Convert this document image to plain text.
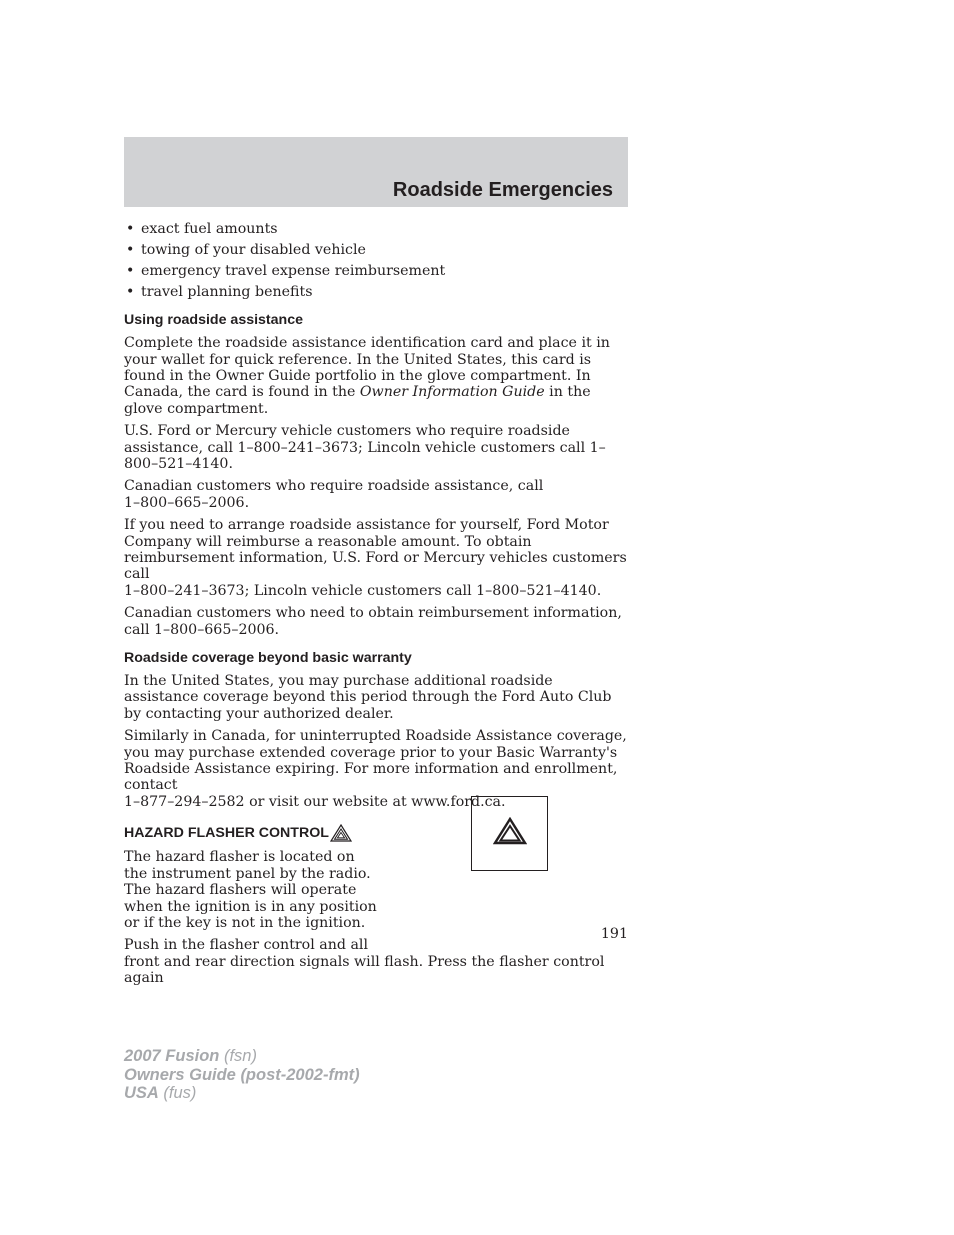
Roadside Emergencies
• exact fuel amounts
• towing of your disabled vehicle
• emergency travel expense reimbursement
• travel planning benefits
Using roadside assistance

Complete the roadside assistance identification card and place it in your wallet for quick reference. In the United States, this card is found in the Owner Guide portfolio in the glove compartment. In Canada, the card is found in the Owner Information Guide in the glove compartment.

U.S. Ford or Mercury vehicle customers who require roadside assistance, call 1–800–241–3673; Lincoln vehicle customers call 1–800–521–4140.

Canadian customers who require roadside assistance, call
1–800–665–2006.

If you need to arrange roadside assistance for yourself, Ford Motor Company will reimburse a reasonable amount. To obtain reimbursement information, U.S. Ford or Mercury vehicles customers call
1–800–241–3673; Lincoln vehicle customers call 1–800–521–4140.

Canadian customers who need to obtain reimbursement information, call 1–800–665–2006.

Roadside coverage beyond basic warranty

In the United States, you may purchase additional roadside assistance coverage beyond this period through the Ford Auto Club by contacting your authorized dealer.

Similarly in Canada, for uninterrupted Roadside Assistance coverage, you may purchase extended coverage prior to your Basic Warranty's Roadside Assistance expiring. For more information and enrollment, contact
1–877–294–2582 or visit our website at www.ford.ca.

HAZARD FLASHER CONTROL

The hazard flasher is located on the instrument panel by the radio. The hazard flashers will operate when the ignition is in any position or if the key is not in the ignition.

Push in the flasher control and all
front and rear direction signals will flash. Press the flasher control again

191
2007 Fusion (fsn)
Owners Guide (post-2002-fmt)
USA (fus)
